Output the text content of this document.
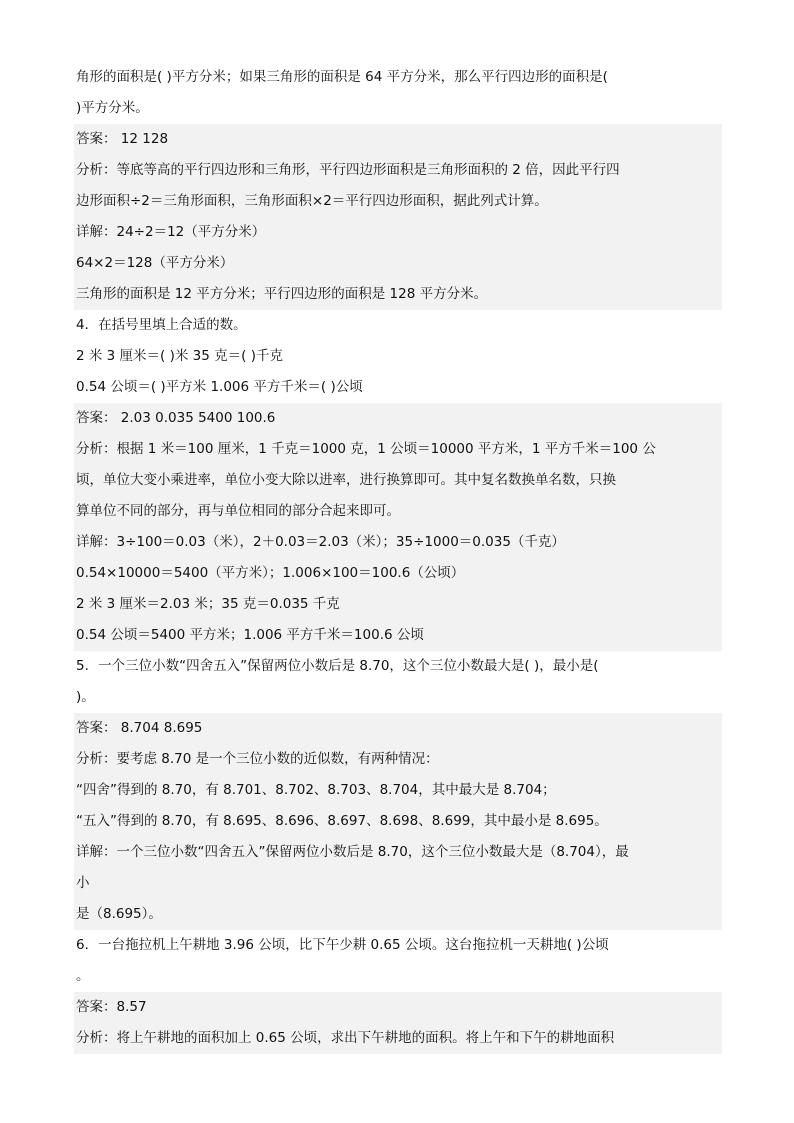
角形的面积是( )平方分米；如果三角形的面积是 64 平方分米，那么平行四边形的面积是(
)平方分米。
答案： 12 128
分析：等底等高的平行四边形和三角形，平行四边形面积是三角形面积的 2 倍，因此平行四
边形面积÷2＝三角形面积，三角形面积×2＝平行四边形面积，据此列式计算。
详解：24÷2＝12（平方分米）
64×2＝128（平方分米）
三角形的面积是 12 平方分米；平行四边形的面积是 128 平方分米。
4．在括号里填上合适的数。
2 米 3 厘米＝( )米 35 克＝( )千克
0.54 公顷＝( )平方米 1.006 平方千米＝( )公顷
答案： 2.03 0.035 5400 100.6
分析：根据 1 米＝100 厘米，1 千克＝1000 克，1 公顷＝10000 平方米，1 平方千米＝100 公
顷，单位大变小乘进率，单位小变大除以进率，进行换算即可。其中复名数换单名数，只换
算单位不同的部分，再与单位相同的部分合起来即可。
详解：3÷100＝0.03（米），2＋0.03＝2.03（米）；35÷1000＝0.035（千克）
0.54×10000＝5400（平方米）；1.006×100＝100.6（公顷）
2 米 3 厘米＝2.03 米；35 克＝0.035 千克
0.54 公顷＝5400 平方米；1.006 平方千米＝100.6 公顷
5．一个三位小数“四舍五入”保留两位小数后是 8.70，这个三位小数最大是( )，最小是(
)。
答案： 8.704 8.695
分析：要考虑 8.70 是一个三位小数的近似数，有两种情况：
“四舍”得到的 8.70，有 8.701、8.702、8.703、8.704，其中最大是 8.704；
“五入”得到的 8.70，有 8.695、8.696、8.697、8.698、8.699，其中最小是 8.695。
详解：一个三位小数“四舍五入”保留两位小数后是 8.70，这个三位小数最大是（8.704），最
小
是（8.695）。
6．一台拖拉机上午耕地 3.96 公顷，比下午少耕 0.65 公顷。这台拖拉机一天耕地( )公顷
。
答案：8.57
分析：将上午耕地的面积加上 0.65 公顷，求出下午耕地的面积。将上午和下午的耕地面积
